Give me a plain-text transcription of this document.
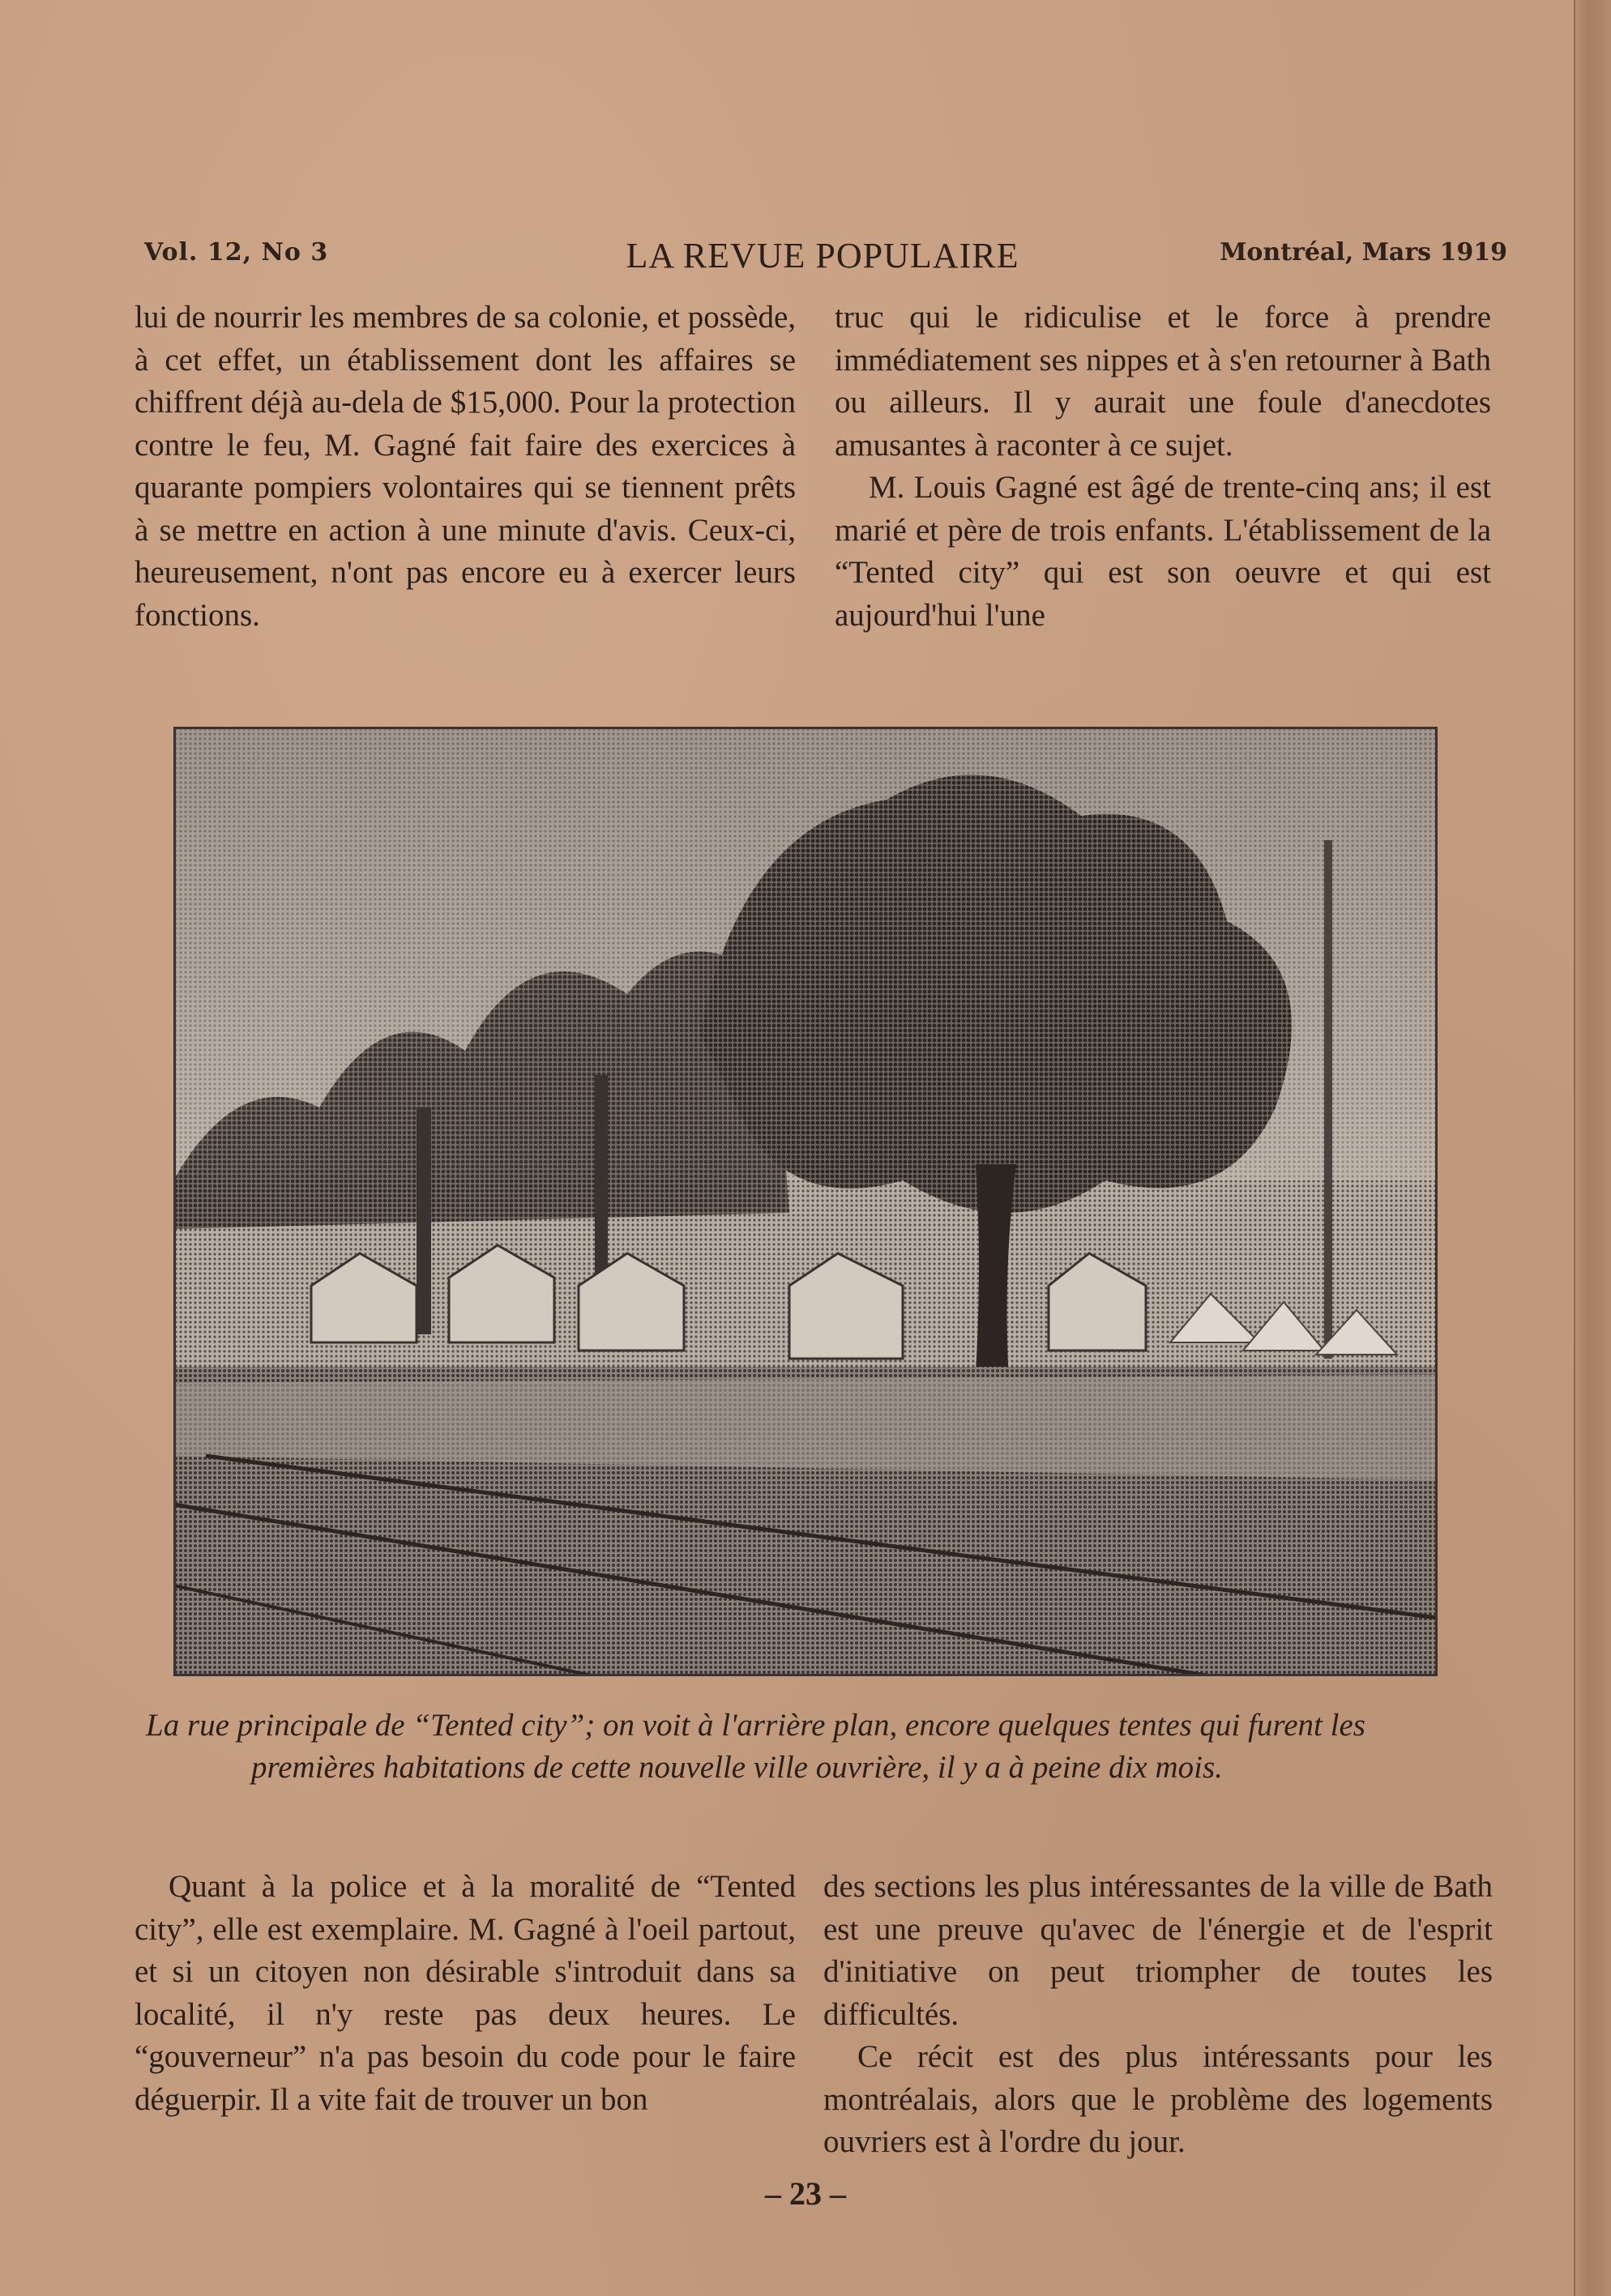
Vol. 12, No 3	LA REVUE POPULAIRE	Montréal, Mars 1919

lui de nourrir les membres de sa colonie, et possède, à cet effet, un établissement dont les affaires se chiffrent déjà au-dela de $15,000. Pour la protection contre le feu, M. Gagné fait faire des exercices à quarante pompiers volontaires qui se tiennent prêts à se mettre en action à une minute d'avis. Ceux-ci, heureusement, n'ont pas encore eu à exercer leurs fonctions.

truc qui le ridiculise et le force à prendre immédiatement ses nippes et à s'en retourner à Bath ou ailleurs. Il y aurait une foule d'anecdotes amusantes à raconter à ce sujet.

M. Louis Gagné est âgé de trente-cinq ans; il est marié et père de trois enfants. L'établissement de la “Tented city” qui est son oeuvre et qui est aujourd'hui l'une

La rue principale de “Tented city”; on voit à l'arrière plan, encore quelques tentes qui furent les premières habitations de cette nouvelle ville ouvrière, il y a à peine dix mois.

Quant à la police et à la moralité de “Tented city”, elle est exemplaire. M. Gagné à l'oeil partout, et si un citoyen non désirable s'introduit dans sa localité, il n'y reste pas deux heures. Le “gouverneur” n'a pas besoin du code pour le faire déguerpir. Il a vite fait de trouver un bon

des sections les plus intéressantes de la ville de Bath est une preuve qu'avec de l'énergie et de l'esprit d'initiative on peut triompher de toutes les difficultés.

Ce récit est des plus intéressants pour les montréalais, alors que le problème des logements ouvriers est à l'ordre du jour.

– 23 –
